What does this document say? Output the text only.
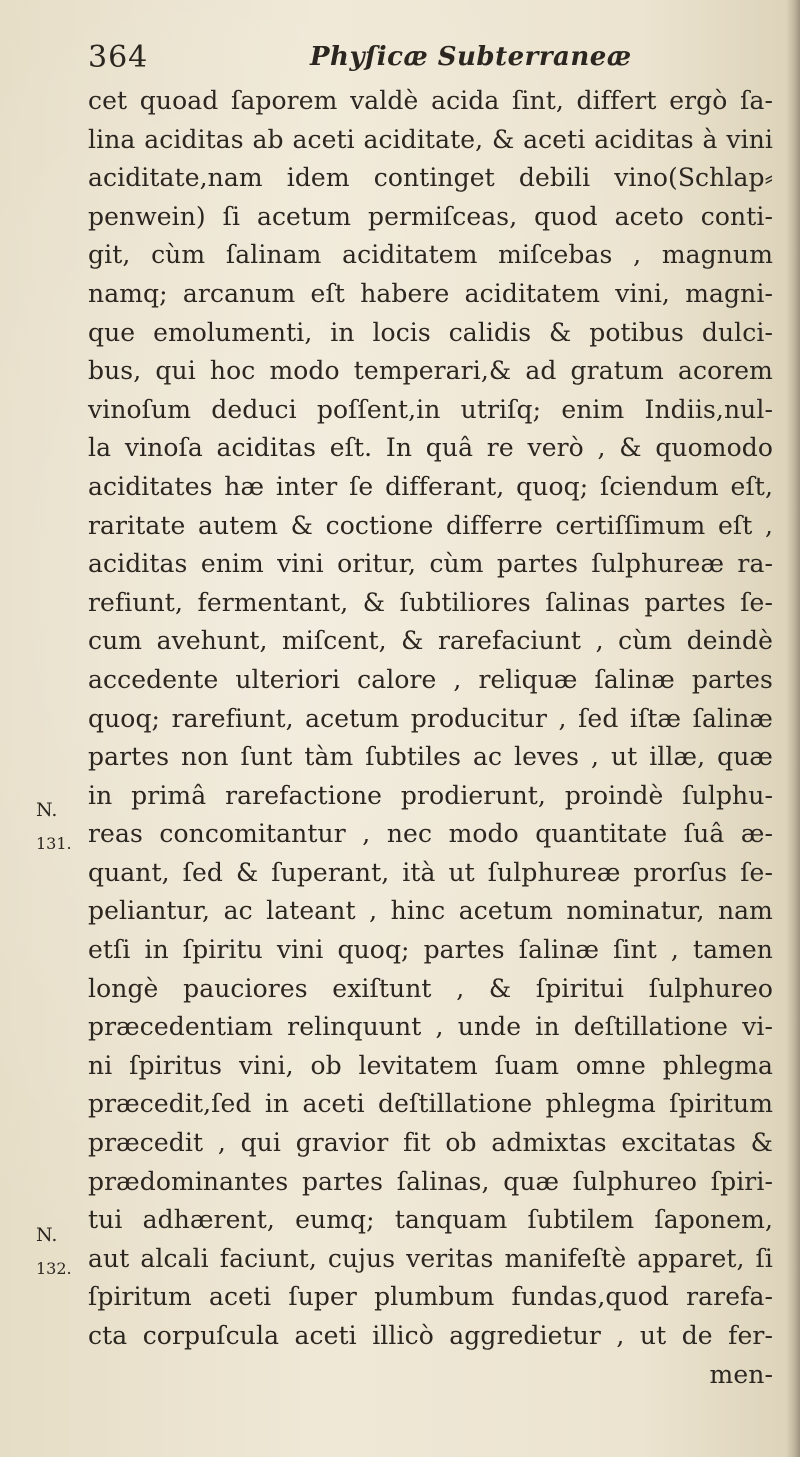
364	Phyſicæ Subterraneæ
cet quoad ſaporem valdè acida ſint, differt ergò ſa-
lina aciditas ab aceti aciditate, & aceti aciditas à vini
aciditate,nam idem continget debili vino(Schlap⸗
penwein) ſi acetum permiſceas, quod aceto conti-
git, cùm ſalinam aciditatem miſcebas , magnum
namq; arcanum eſt habere aciditatem vini, magni-
que emolumenti, in locis calidis & potibus dulci-
bus, qui hoc modo temperari,& ad gratum acorem
vinoſum deduci poſſent,in utriſq; enim Indiis,nul-
la vinoſa aciditas eſt. In quâ re verò , & quomodo
aciditates hæ inter ſe differant, quoq; ſciendum eſt,
raritate autem & coctione differre certiſſimum eſt ,
aciditas enim vini oritur, cùm partes ſulphureæ ra-
refiunt, fermentant, & ſubtiliores ſalinas partes ſe-
cum avehunt, miſcent, & rarefaciunt , cùm deindè
accedente ulteriori calore , reliquæ ſalinæ partes
quoq; rarefiunt, acetum producitur , ſed iſtæ ſalinæ
partes non ſunt tàm ſubtiles ac leves , ut illæ, quæ
in primâ rarefactione prodierunt, proindè ſulphu-
reas concomitantur , nec modo quantitate ſuâ æ-
quant, ſed & ſuperant, ità ut ſulphureæ prorſus ſe-
peliantur, ac lateant , hinc acetum nominatur, nam
etſi in ſpiritu vini quoq; partes ſalinæ ſint , tamen
longè pauciores exiſtunt , & ſpiritui ſulphureo
præcedentiam relinquunt , unde in deſtillatione vi-
ni ſpiritus vini, ob levitatem ſuam omne phlegma
præcedit,ſed in aceti deſtillatione phlegma ſpiritum
præcedit , qui gravior fit ob admixtas excitatas &
prædominantes partes ſalinas, quæ ſulphureo ſpiri-
tui adhærent, eumq; tanquam ſubtilem ſaponem,
aut alcali faciunt, cujus veritas manifeſtè apparet, ſi
ſpiritum aceti ſuper plumbum fundas,quod rarefa-
cta corpuſcula aceti illicò aggredietur , ut de fer-
men-
N.
131.
N.
132.
